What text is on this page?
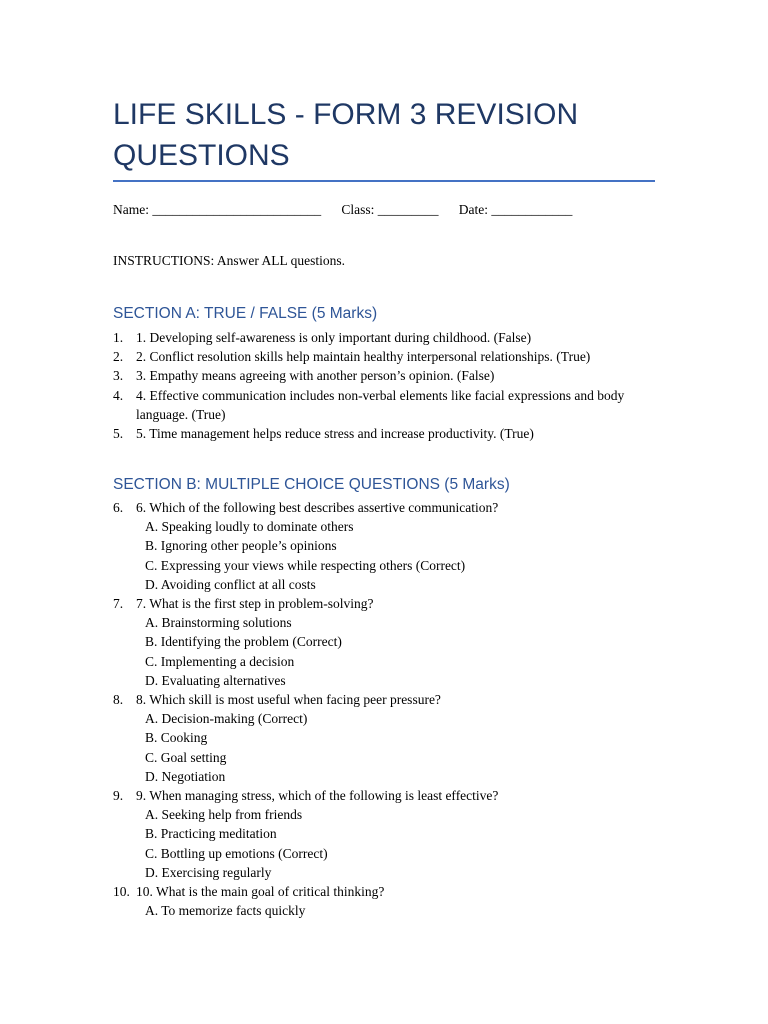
LIFE SKILLS - FORM 3 REVISION QUESTIONS
Name: _________________________ Class: _________ Date: ____________
INSTRUCTIONS: Answer ALL questions.
SECTION A: TRUE / FALSE (5 Marks)
1. 1. Developing self-awareness is only important during childhood. (False)
2. 2. Conflict resolution skills help maintain healthy interpersonal relationships. (True)
3. 3. Empathy means agreeing with another person’s opinion. (False)
4. 4. Effective communication includes non-verbal elements like facial expressions and body language. (True)
5. 5. Time management helps reduce stress and increase productivity. (True)
SECTION B: MULTIPLE CHOICE QUESTIONS (5 Marks)
6. 6. Which of the following best describes assertive communication?
A. Speaking loudly to dominate others
B. Ignoring other people’s opinions
C. Expressing your views while respecting others (Correct)
D. Avoiding conflict at all costs
7. 7. What is the first step in problem-solving?
A. Brainstorming solutions
B. Identifying the problem (Correct)
C. Implementing a decision
D. Evaluating alternatives
8. 8. Which skill is most useful when facing peer pressure?
A. Decision-making (Correct)
B. Cooking
C. Goal setting
D. Negotiation
9. 9. When managing stress, which of the following is least effective?
A. Seeking help from friends
B. Practicing meditation
C. Bottling up emotions (Correct)
D. Exercising regularly
10. 10. What is the main goal of critical thinking?
A. To memorize facts quickly
